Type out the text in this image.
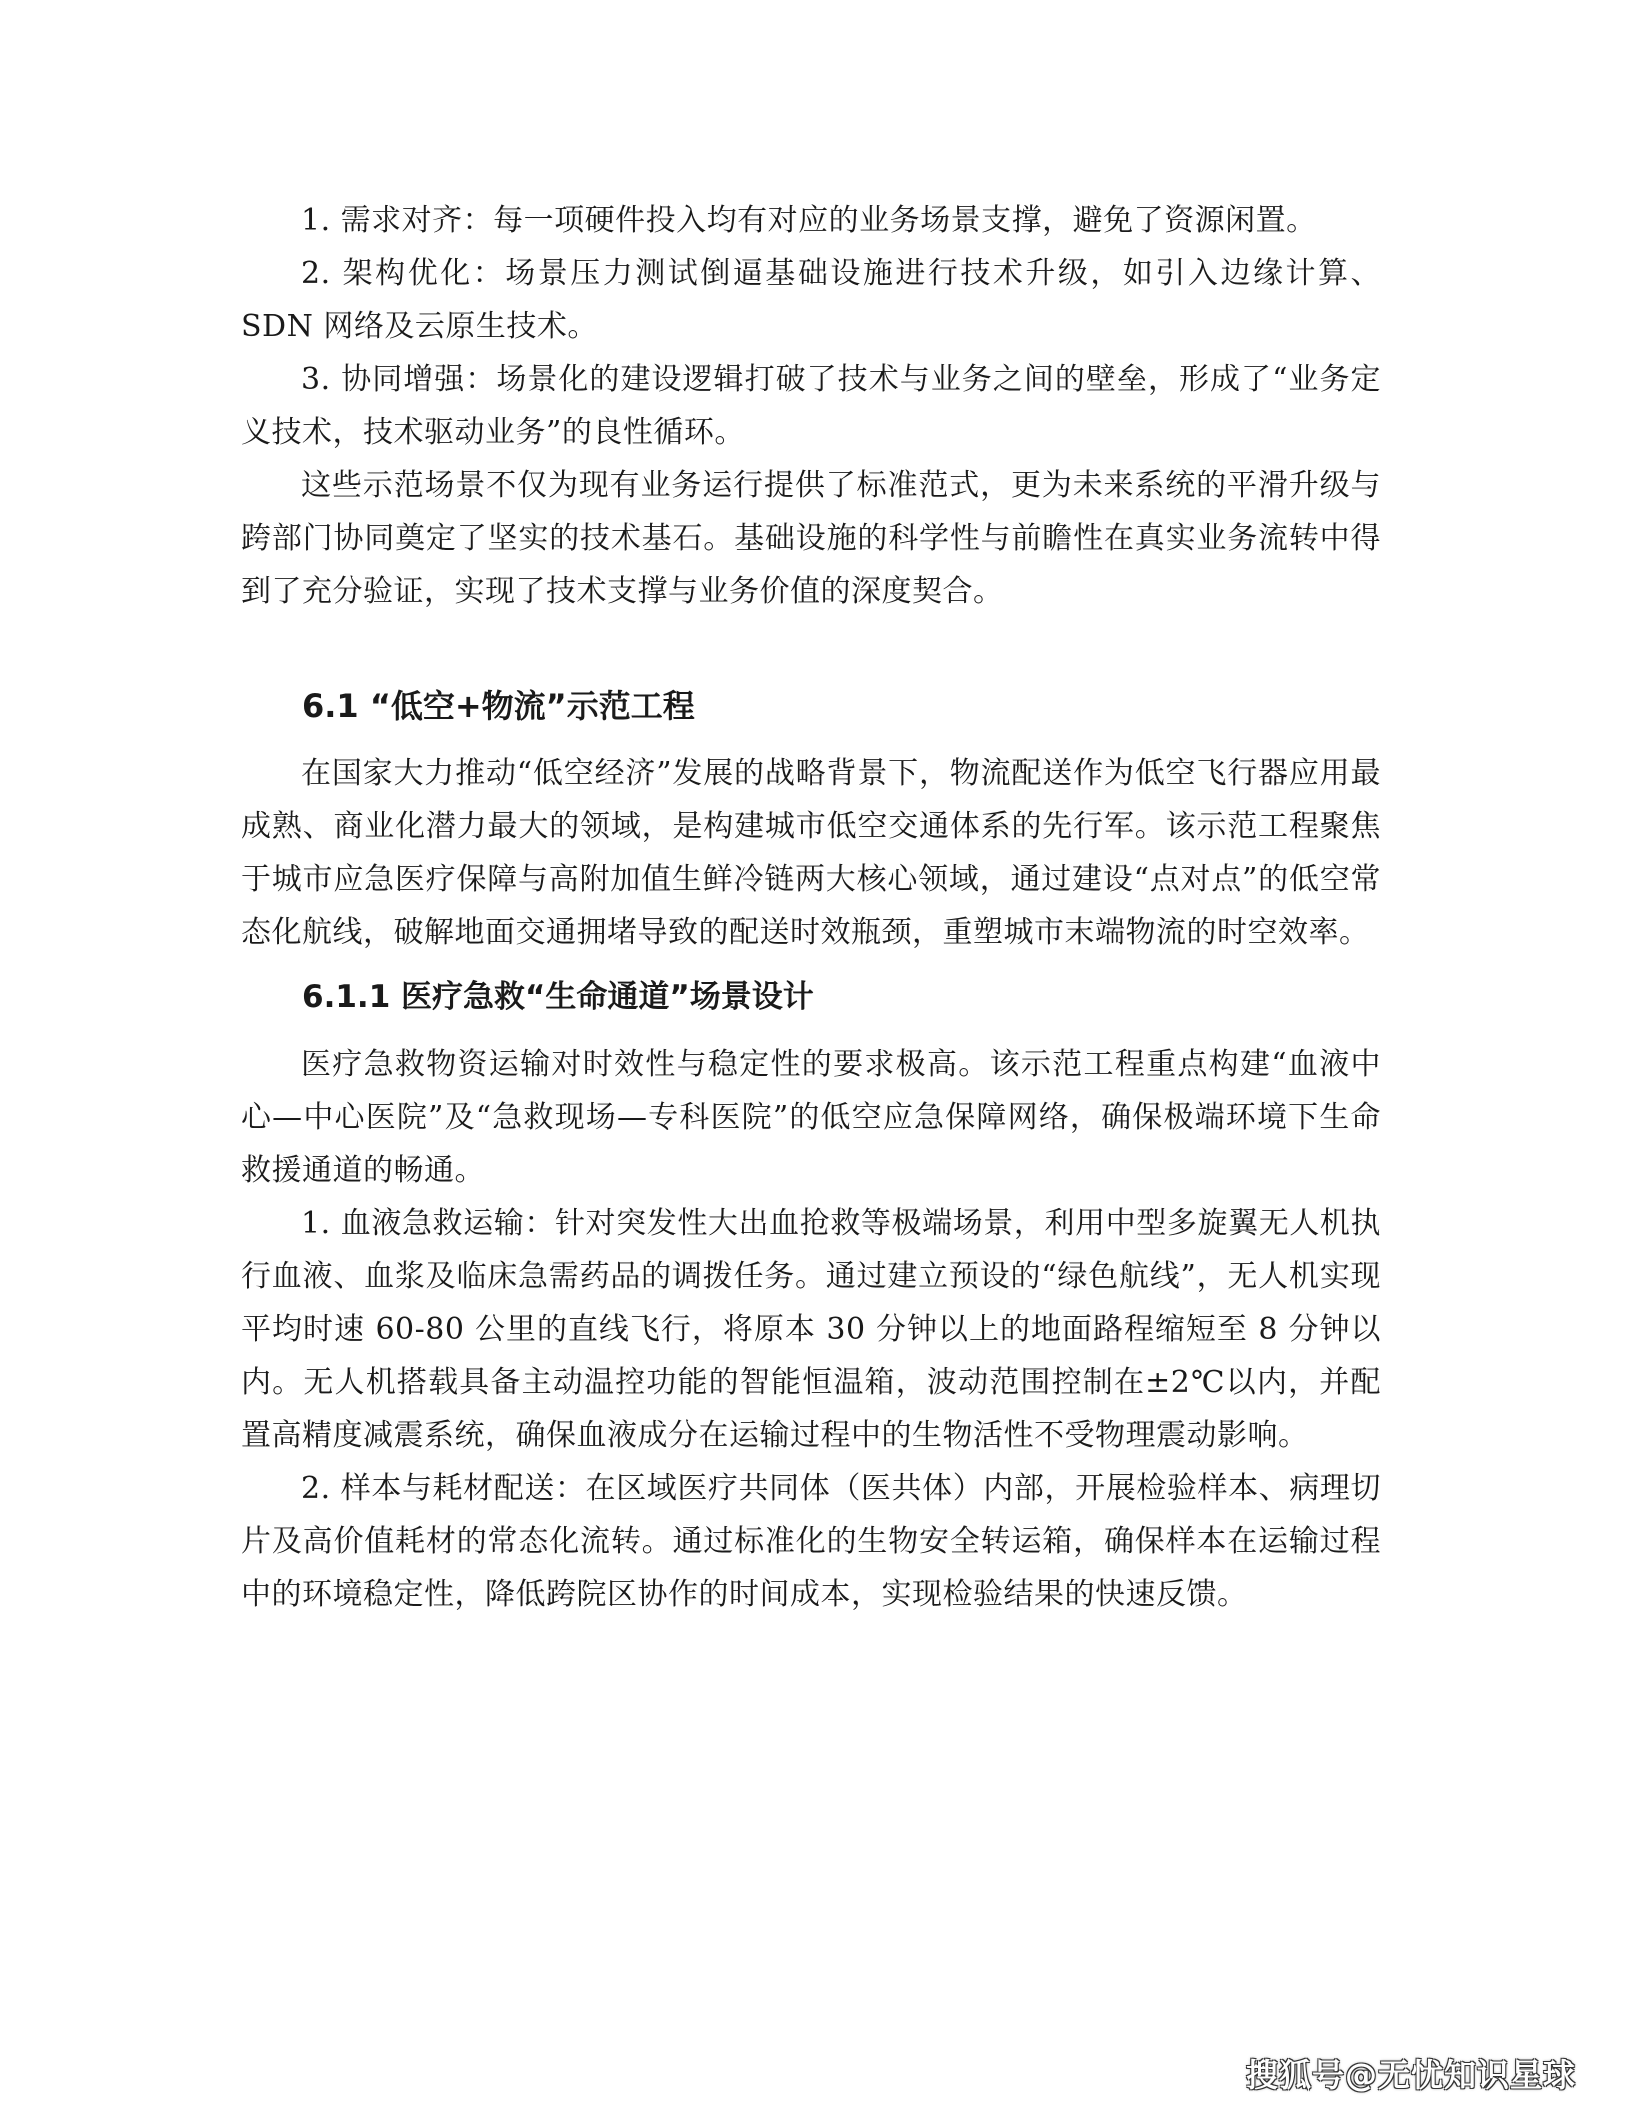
1. 需求对齐：每一项硬件投入均有对应的业务场景支撑，避免了资源闲置。

2. 架构优化：场景压力测试倒逼基础设施进行技术升级，如引入边缘计算、SDN 网络及云原生技术。

3. 协同增强：场景化的建设逻辑打破了技术与业务之间的壁垒，形成了“业务定义技术，技术驱动业务”的良性循环。

这些示范场景不仅为现有业务运行提供了标准范式，更为未来系统的平滑升级与跨部门协同奠定了坚实的技术基石。基础设施的科学性与前瞻性在真实业务流转中得到了充分验证，实现了技术支撑与业务价值的深度契合。

6.1 “低空+物流”示范工程

在国家大力推动“低空经济”发展的战略背景下，物流配送作为低空飞行器应用最成熟、商业化潜力最大的领域，是构建城市低空交通体系的先行军。该示范工程聚焦于城市应急医疗保障与高附加值生鲜冷链两大核心领域，通过建设“点对点”的低空常态化航线，破解地面交通拥堵导致的配送时效瓶颈，重塑城市末端物流的时空效率。

6.1.1 医疗急救“生命通道”场景设计

医疗急救物资运输对时效性与稳定性的要求极高。该示范工程重点构建“血液中心—中心医院”及“急救现场—专科医院”的低空应急保障网络，确保极端环境下生命救援通道的畅通。

1. 血液急救运输：针对突发性大出血抢救等极端场景，利用中型多旋翼无人机执行血液、血浆及临床急需药品的调拨任务。通过建立预设的“绿色航线”，无人机实现平均时速 60-80 公里的直线飞行，将原本 30 分钟以上的地面路程缩短至 8 分钟以内。无人机搭载具备主动温控功能的智能恒温箱，波动范围控制在±2℃以内，并配置高精度减震系统，确保血液成分在运输过程中的生物活性不受物理震动影响。

2. 样本与耗材配送：在区域医疗共同体（医共体）内部，开展检验样本、病理切片及高价值耗材的常态化流转。通过标准化的生物安全转运箱，确保样本在运输过程中的环境稳定性，降低跨院区协作的时间成本，实现检验结果的快速反馈。

搜狐号@无忧知识星球
